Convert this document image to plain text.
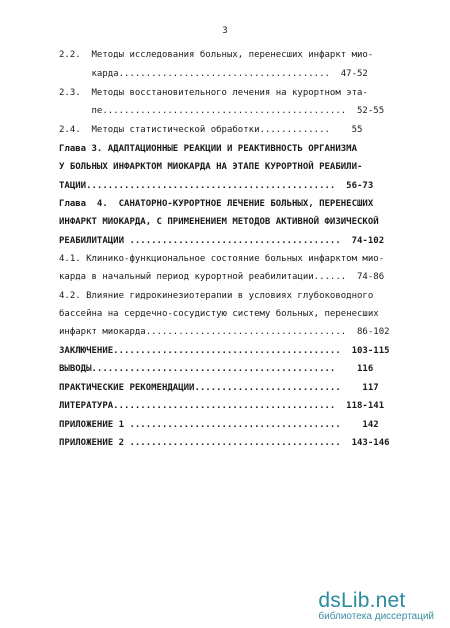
3
2.2.  Методы исследования больных, перенесших инфаркт мио-
карда.......................................  47-52
2.3.  Методы восстановительного лечения на курортном эта-
пе.............................................  52-55
2.4.  Методы статистической обработки.............    55
Глава 3. АДАПТАЦИОННЫЕ РЕАКЦИИ И РЕАКТИВНОСТЬ ОРГАНИЗМА
У БОЛЬНЫХ ИНФАРКТОМ МИОКАРДА НА ЭТАПЕ КУРОРТНОЙ РЕАБИЛИ-
ТАЦИИ..............................................  56-73
Глава  4.  САНАТОРНО-КУРОРТНОЕ ЛЕЧЕНИЕ БОЛЬНЫХ, ПЕРЕНЕСШИХ
ИНФАРКТ МИОКАРДА, С ПРИМЕНЕНИЕМ МЕТОДОВ АКТИВНОЙ ФИЗИЧЕСКОЙ
РЕАБИЛИТАЦИИ .......................................  74-102
4.1. Клинико-функциональное состояние больных инфарктом мио-
карда в начальный период курортной реабилитации......  74-86
4.2. Влияние гидрокинезиотерапии в условиях глубоководного
бассейна на сердечно-сосудистую систему больных, перенесших
инфаркт миокарда.....................................  86-102
ЗАКЛЮЧЕНИЕ..........................................  103-115
ВЫВОДЫ.............................................    116
ПРАКТИЧЕСКИЕ РЕКОМЕНДАЦИИ...........................    117
ЛИТЕРАТУРА.........................................  118-141
ПРИЛОЖЕНИЕ 1 .......................................    142
ПРИЛОЖЕНИЕ 2 .......................................  143-146
dsLib.net
библиотека диссертаций
